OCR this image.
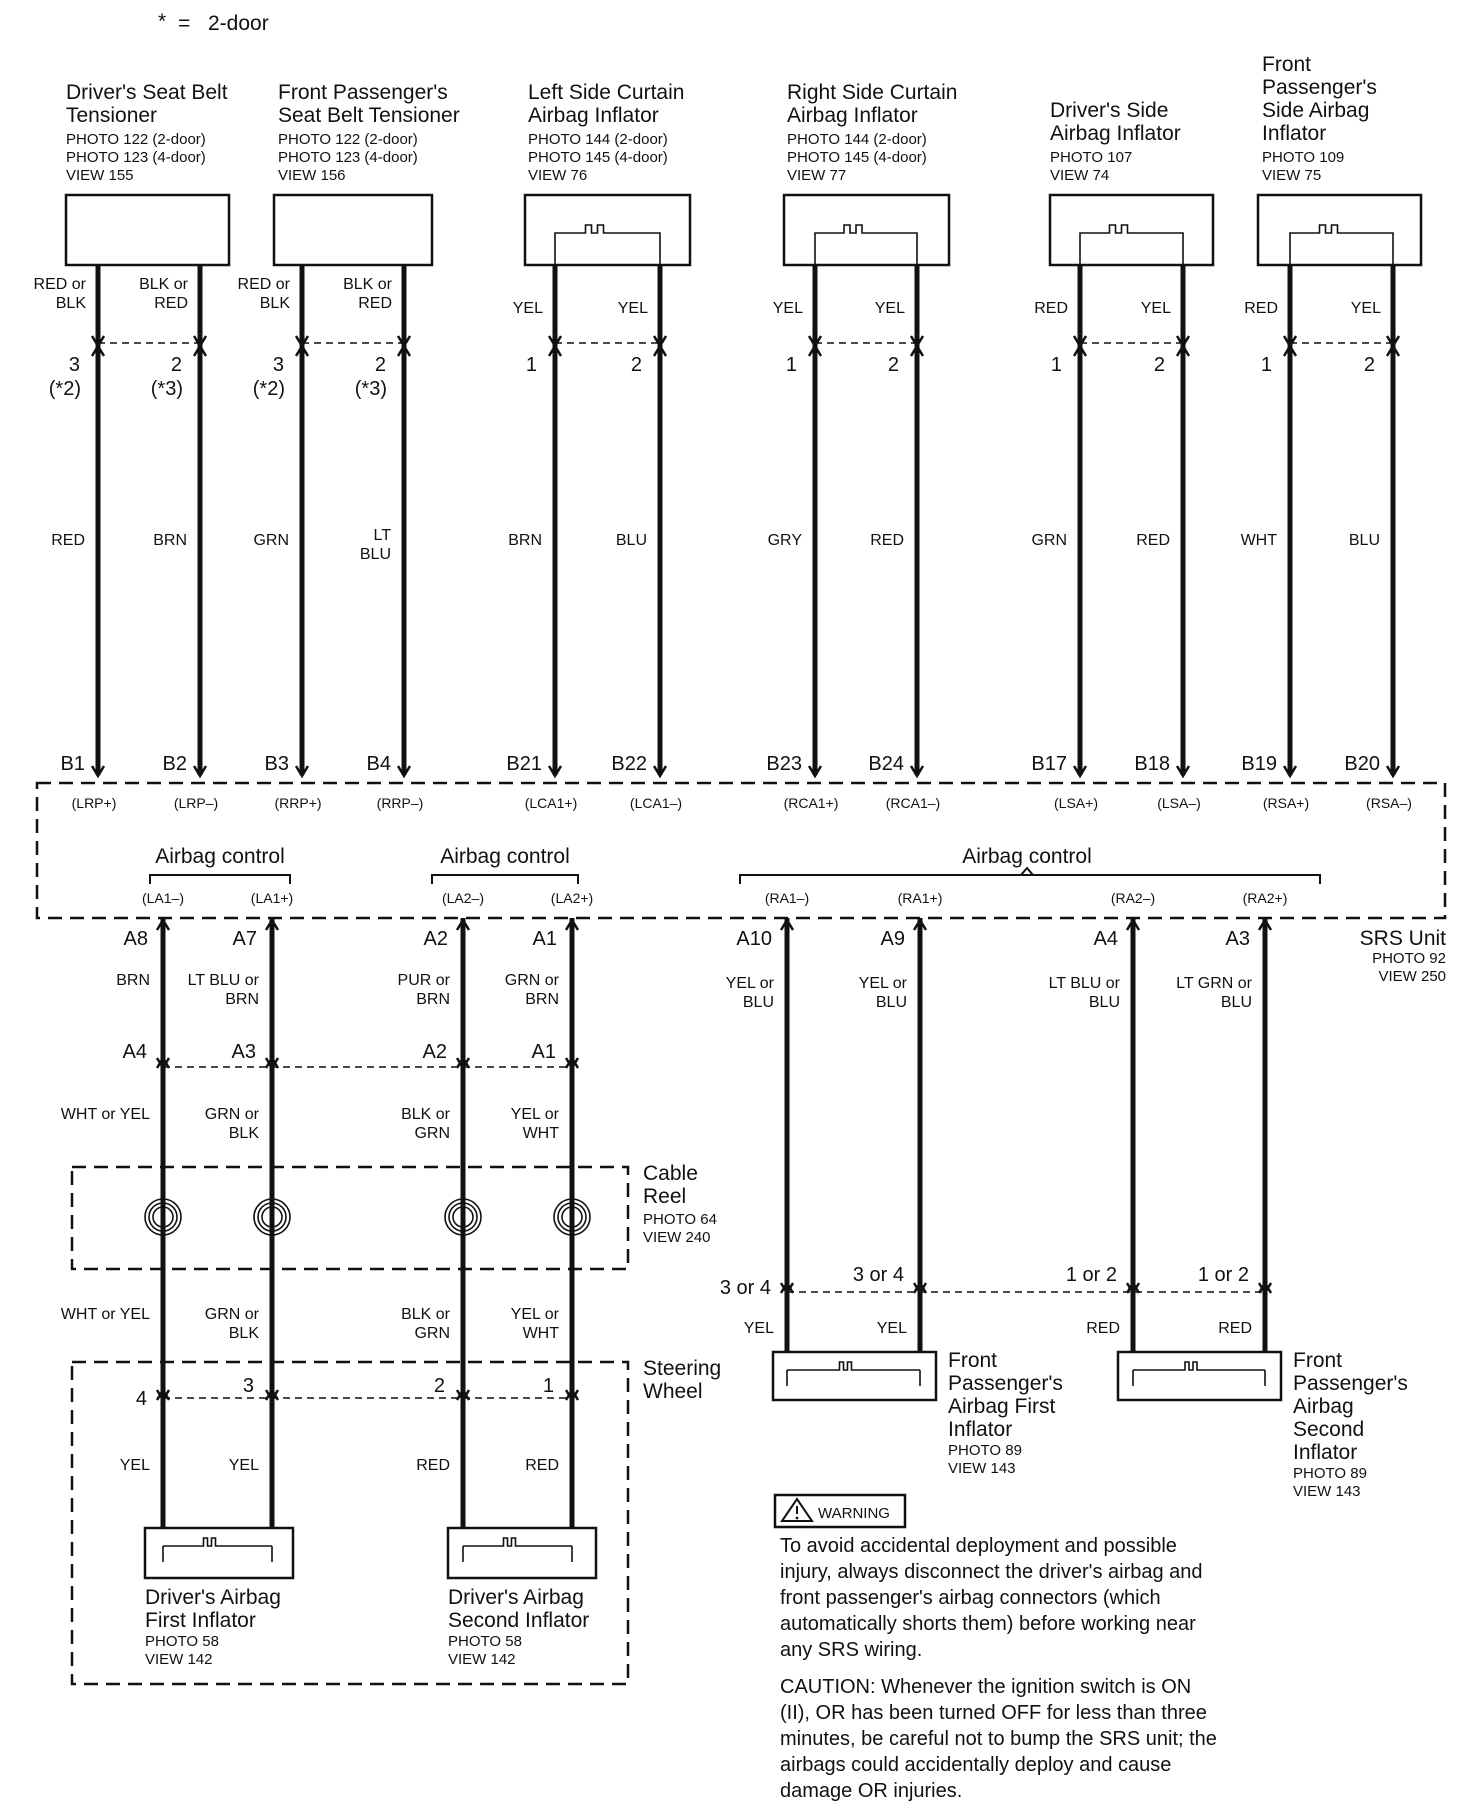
* = 2-door
Driver's Seat Belt
Tensioner
PHOTO 122 (2-door)
PHOTO 123 (4-door)
VIEW 155
RED or
BLK
3
(*2)
RED
B1
(LRP+)
BLK or
RED
2
(*3)
BRN
B2
(LRP–)
Front Passenger's
Seat Belt Tensioner
PHOTO 122 (2-door)
PHOTO 123 (4-door)
VIEW 156
RED or
BLK
3
(*2)
GRN
B3
(RRP+)
BLK or
RED
2
(*3)
LT
BLU
B4
(RRP–)
Left Side Curtain
Airbag Inflator
PHOTO 144 (2-door)
PHOTO 145 (4-door)
VIEW 76
YEL
1
BRN
B21
(LCA1+)
YEL
2
BLU
B22
(LCA1–)
Right Side Curtain
Airbag Inflator
PHOTO 144 (2-door)
PHOTO 145 (4-door)
VIEW 77
YEL
1
GRY
B23
(RCA1+)
YEL
2
RED
B24
(RCA1–)
Driver's Side
Airbag Inflator
PHOTO 107
VIEW 74
RED
1
GRN
B17
(LSA+)
YEL
2
RED
B18
(LSA–)
Front
Passenger's
Side Airbag
Inflator
PHOTO 109
VIEW 75
RED
1
WHT
B19
(RSA+)
YEL
2
BLU
B20
(RSA–)
Airbag control	Airbag control	Airbag control
SRS Unit
PHOTO 92
VIEW 250
(LA1–)
A8
BRN
A4
WHT or YEL
WHT or YEL
4
YEL
(LA1+)
A7
LT BLU or
BRN
A3
GRN or
BLK
GRN or
BLK
3
YEL
(LA2–)
A2
PUR or
BRN
A2
BLK or
GRN
BLK or
GRN
2
RED
(LA2+)
A1
GRN or
BRN
A1
YEL or
WHT
YEL or
WHT
1
RED
Cable
Reel
PHOTO 64
VIEW 240
Steering
Wheel
Driver's Airbag
First Inflator
PHOTO 58
VIEW 142
Driver's Airbag
Second Inflator
PHOTO 58
VIEW 142
(RA1–)
A10
YEL or
BLU
3 or 4
YEL
(RA1+)
A9
YEL or
BLU
3 or 4
YEL
(RA2–)
A4
LT BLU or
BLU
1 or 2
RED
(RA2+)
A3
LT GRN or
BLU
1 or 2
RED
Front
Passenger's
Airbag First
Inflator
PHOTO 89
VIEW 143
Front
Passenger's
Airbag
Second
Inflator
PHOTO 89
VIEW 143
WARNING
To avoid accidental deployment and possible
injury, always disconnect the driver's airbag and
front passenger's airbag connectors (which
automatically shorts them) before working near
any SRS wiring.
CAUTION: Whenever the ignition switch is ON
(II), OR has been turned OFF for less than three
minutes, be careful not to bump the SRS unit; the
airbags could accidentally deploy and cause
damage OR injuries.
